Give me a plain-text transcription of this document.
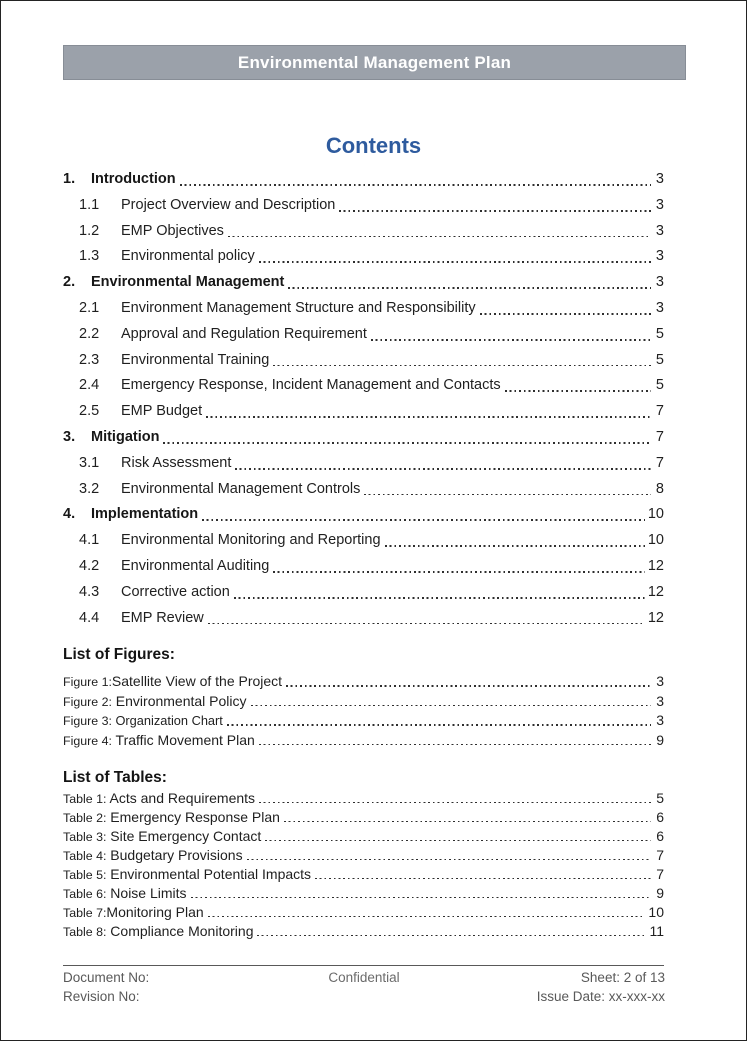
Environmental Management Plan
Contents
1.	Introduction	3
1.1	Project Overview and Description	3
1.2	EMP Objectives	3
1.3	Environmental policy	3
2.	Environmental Management	3
2.1	Environment Management Structure and Responsibility	3
2.2	Approval and Regulation Requirement	5
2.3	Environmental Training	5
2.4	Emergency Response, Incident Management and Contacts	5
2.5	EMP Budget	7
3.	Mitigation	7
3.1	Risk Assessment	7
3.2	Environmental Management Controls	8
4.	Implementation	10
4.1	Environmental Monitoring and Reporting	10
4.2	Environmental Auditing	12
4.3	Corrective action	12
4.4	EMP Review	12
List of Figures:
Figure 1: Satellite View of the Project	3
Figure 2: Environmental Policy	3
Figure 3: Organization Chart	3
Figure 4: Traffic Movement Plan	9
List of Tables:
Table 1: Acts and Requirements	5
Table 2: Emergency Response Plan	6
Table 3: Site Emergency Contact	6
Table 4: Budgetary Provisions	7
Table 5: Environmental Potential Impacts	7
Table 6: Noise Limits	9
Table 7: Monitoring Plan	10
Table 8: Compliance Monitoring	11
Document No:
Revision No:
Confidential	Sheet: 2 of 13
Issue Date: xx-xxx-xx
